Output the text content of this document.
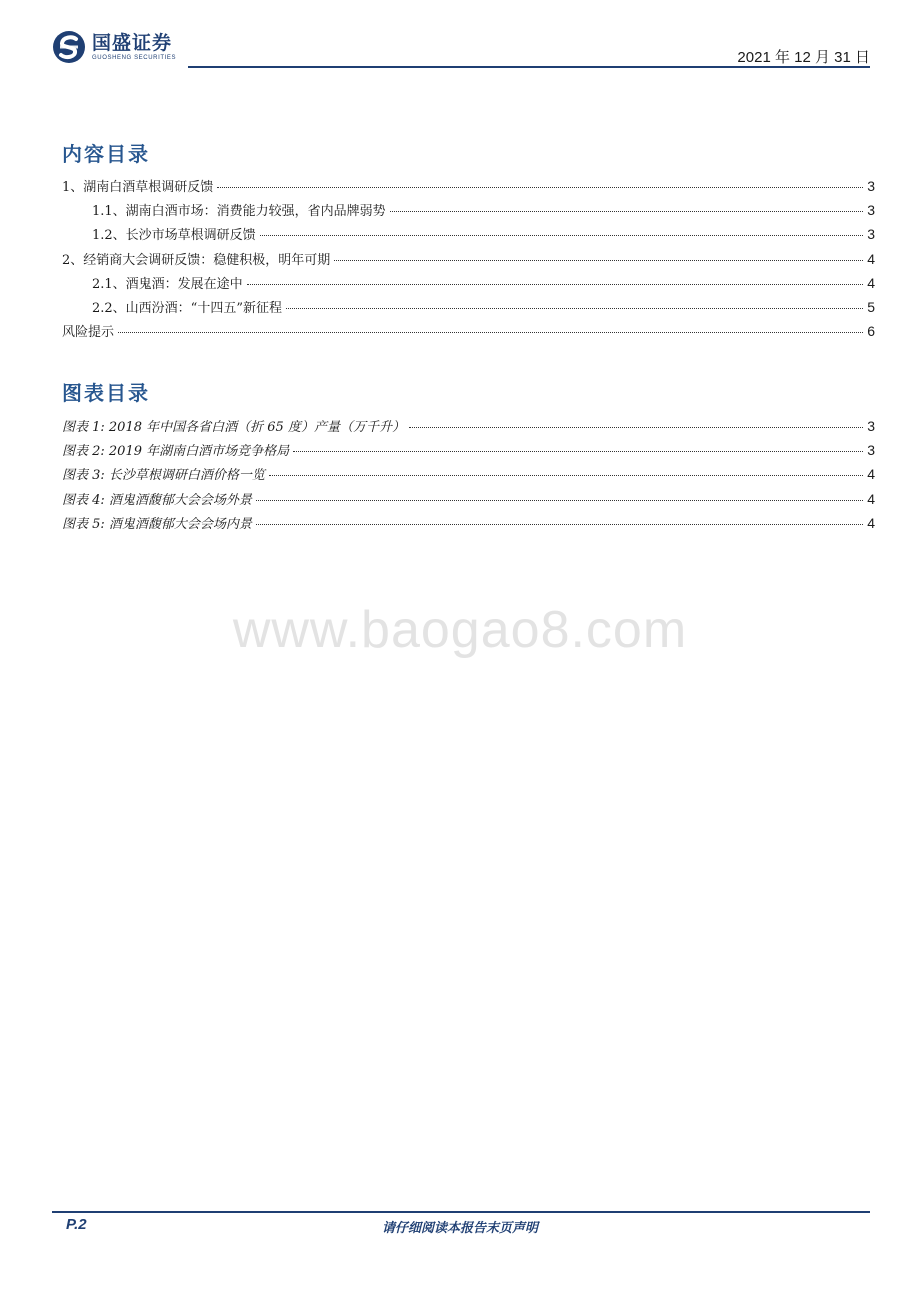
国盛证券
GUOSHENG SECURITIES	2021 年 12 月 31 日
内容目录
1、湖南白酒草根调研反馈	3
1.1、湖南白酒市场：消费能力较强，省内品牌弱势	3
1.2、长沙市场草根调研反馈	3
2、经销商大会调研反馈：稳健积极，明年可期	4
2.1、酒鬼酒：发展在途中	4
2.2、山西汾酒：“十四五”新征程	5
风险提示	6
图表目录
图表 1: 2018 年中国各省白酒（折 65 度）产量（万千升）	3
图表 2: 2019 年湖南白酒市场竞争格局	3
图表 3: 长沙草根调研白酒价格一览	4
图表 4: 酒鬼酒馥郁大会会场外景	4
图表 5: 酒鬼酒馥郁大会会场内景	4
www.baogao8.com
P.2	请仔细阅读本报告末页声明
